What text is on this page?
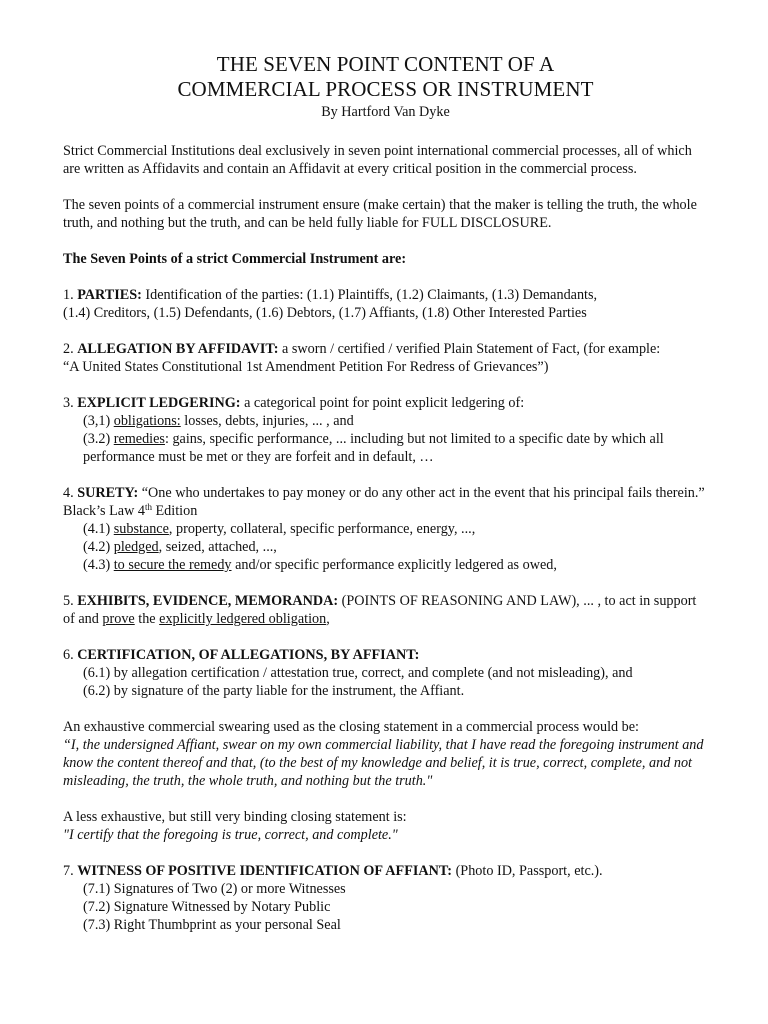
THE SEVEN POINT CONTENT OF A
COMMERCIAL PROCESS OR INSTRUMENT

By Hartford Van Dyke

Strict Commercial Institutions deal exclusively in seven point international commercial processes, all of which are written as Affidavits and contain an Affidavit at every critical position in the commercial process.

The seven points of a commercial instrument ensure (make certain) that the maker is telling the truth, the whole truth, and nothing but the truth, and can be held fully liable for FULL DISCLOSURE.

The Seven Points of a strict Commercial Instrument are:

1. PARTIES: Identification of the parties: (1.1) Plaintiffs, (1.2) Claimants, (1.3) Demandants,
(1.4) Creditors, (1.5) Defendants, (1.6) Debtors, (1.7) Affiants, (1.8) Other Interested Parties
2. ALLEGATION BY AFFIDAVIT: a sworn / certified / verified Plain Statement of Fact, (for example:
“A United States Constitutional 1st Amendment Petition For Redress of Grievances”)
3. EXPLICIT LEDGERING: a categorical point for point explicit ledgering of:
(3,1) obligations: losses, debts, injuries, ... , and
(3.2) remedies: gains, specific performance, ... including but not limited to a specific date by which all performance must be met or they are forfeit and in default, …
4. SURETY: “One who undertakes to pay money or do any other act in the event that his principal fails therein.” Black’s Law 4th Edition
(4.1) substance, property, collateral, specific performance, energy, ...,
(4.2) pledged, seized, attached, ...,
(4.3) to secure the remedy and/or specific performance explicitly ledgered as owed,
5. EXHIBITS, EVIDENCE, MEMORANDA: (POINTS OF REASONING AND LAW), ... , to act in support of and prove the explicitly ledgered obligation,
6. CERTIFICATION, OF ALLEGATIONS, BY AFFIANT:
(6.1) by allegation certification / attestation true, correct, and complete (and not misleading), and
(6.2) by signature of the party liable for the instrument, the Affiant.
An exhaustive commercial swearing used as the closing statement in a commercial process would be:
“I, the undersigned Affiant, swear on my own commercial liability, that I have read the foregoing instrument and know the content thereof and that, (to the best of my knowledge and belief, it is true, correct, complete, and not misleading, the truth, the whole truth, and nothing but the truth."
A less exhaustive, but still very binding closing statement is:
"I certify that the foregoing is true, correct, and complete."
7. WITNESS OF POSITIVE IDENTIFICATION OF AFFIANT: (Photo ID, Passport, etc.).
(7.1) Signatures of Two (2) or more Witnesses
(7.2) Signature Witnessed by Notary Public
(7.3) Right Thumbprint as your personal Seal
